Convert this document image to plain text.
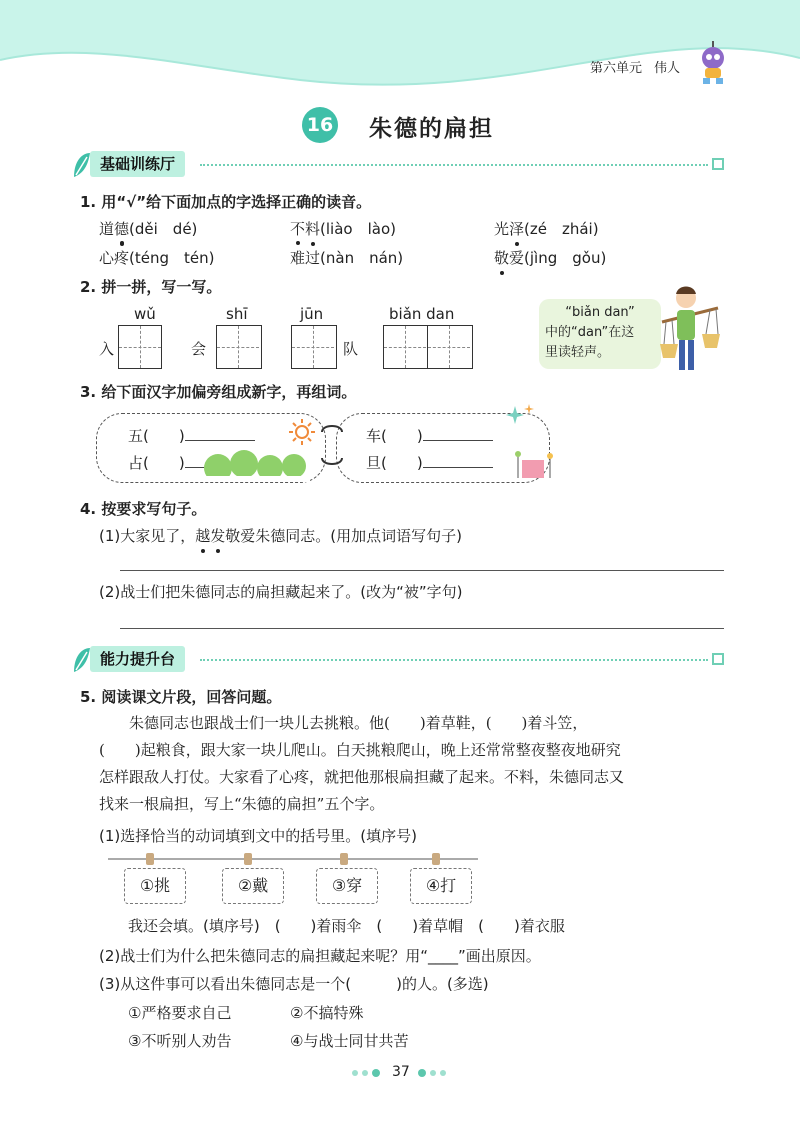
第六单元 伟人
16 朱德的扁担
基础训练厅
1. 用“√”给下面加点的字选择正确的读音。
道德(děi　dé)	不料(liào　lào)	光泽(zé　zhái)
心疼(téng　tén)	难过(nàn　nán)	敬爱(jìng　gǒu)
2. 拼一拼，写一写。
wǔ
入
shī
会
jūn
队
biǎn dan	“biǎn dan”
中的“dan”在这
里读轻声。
3. 给下面汉字加偏旁组成新字，再组词。
五(　　)
占(　　)
车(　　)
旦(　　)
4. 按要求写句子。
(1)大家见了，越发敬爱朱德同志。(用加点词语写句子)
(2)战士们把朱德同志的扁担藏起来了。(改为“被”字句)
能力提升台
5. 阅读课文片段，回答问题。
　　朱德同志也跟战士们一块儿去挑粮。他(　　)着草鞋，(　　)着斗笠，
(　　)起粮食，跟大家一块儿爬山。白天挑粮爬山，晚上还常常整夜整夜地研究
怎样跟敌人打仗。大家看了心疼，就把他那根扁担藏了起来。不料，朱德同志又
找来一根扁担，写上“朱德的扁担”五个字。
(1)选择恰当的动词填到文中的括号里。(填序号)
①挑	②戴	③穿	④打
我还会填。(填序号)　(　　)着雨伞　(　　)着草帽　(　　)着衣服
(2)战士们为什么把朱德同志的扁担藏起来呢？用“____”画出原因。
(3)从这件事可以看出朱德同志是一个(　　　)的人。(多选)
①严格要求自己	②不搞特殊
③不听别人劝告	④与战士同甘共苦
37
